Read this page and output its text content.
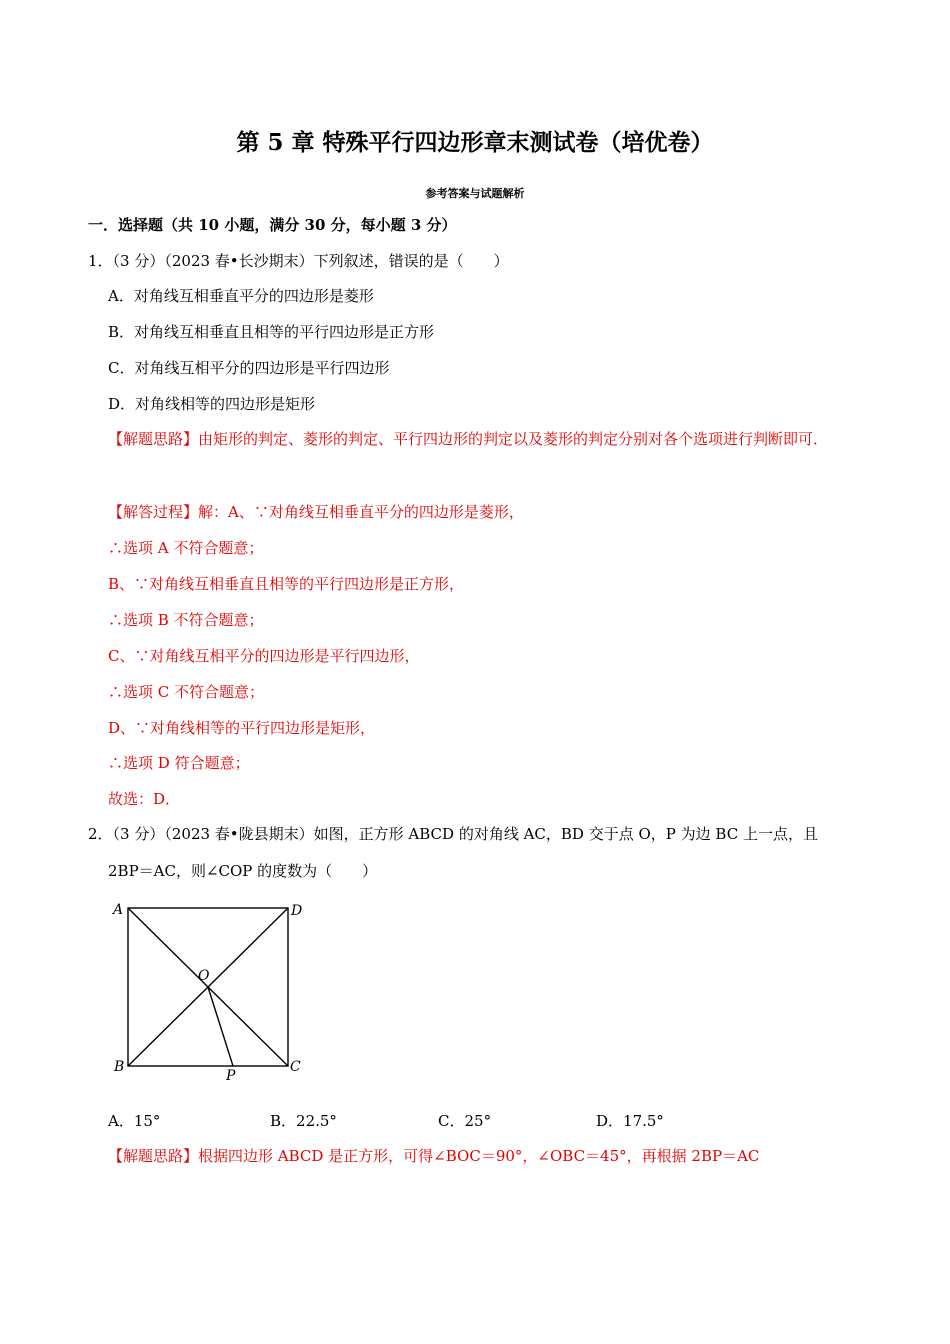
第 5 章 特殊平行四边形章末测试卷（培优卷）
参考答案与试题解析
一．选择题（共 10 小题，满分 30 分，每小题 3 分）
1．（3 分）（2023 春•长沙期末）下列叙述，错误的是（　　）
A．对角线互相垂直平分的四边形是菱形
B．对角线互相垂直且相等的平行四边形是正方形
C．对角线互相平分的四边形是平行四边形
D．对角线相等的四边形是矩形
【解题思路】由矩形的判定、菱形的判定、平行四边形的判定以及菱形的判定分别对各个选项进行判断即可．
【解答过程】解：A、∵对角线互相垂直平分的四边形是菱形，
∴选项 A 不符合题意；
B、∵对角线互相垂直且相等的平行四边形是正方形，
∴选项 B 不符合题意；
C、∵对角线互相平分的四边形是平行四边形，
∴选项 C 不符合题意；
D、∵对角线相等的平行四边形是矩形，
∴选项 D 符合题意；
故选：D．
2．（3 分）（2023 春•陇县期末）如图，正方形 ABCD 的对角线 AC，BD 交于点 O，P 为边 BC 上一点，且
2BP＝AC，则∠COP 的度数为（　　）
A	D
O
B	C
P
A．15°	B．22.5°	C．25°	D．17.5°
【解题思路】根据四边形 ABCD 是正方形，可得∠BOC＝90°，∠OBC＝45°，再根据 2BP＝AC
